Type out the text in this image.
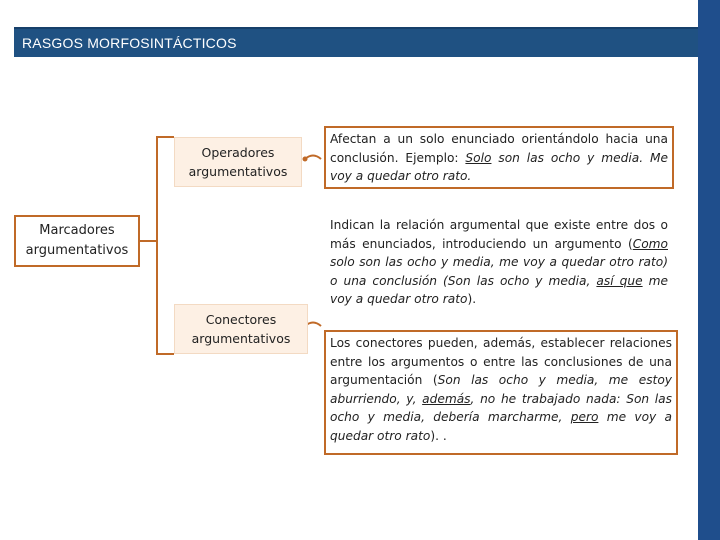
RASGOS MORFOSINTÁCTICOS
Marcadores
argumentativos
Operadores
argumentativos
Conectores
argumentativos
Afectan a un solo enunciado orientándolo hacia una conclusión. Ejemplo: Solo son las ocho y media. Me voy a quedar otro rato.
Indican la relación argumental que existe entre dos o más enunciados, introduciendo un argumento (Como solo son las ocho y media, me voy a quedar otro rato) o una conclusión (Son las ocho y media, así que me voy a quedar otro rato).
Los conectores pueden, además, establecer relaciones entre los argumentos o entre las conclusiones de una argumentación (Son las ocho y media, me estoy aburriendo, y, además, no he trabajado nada: Son las ocho y media, debería marcharme, pero me voy a quedar otro rato). .
